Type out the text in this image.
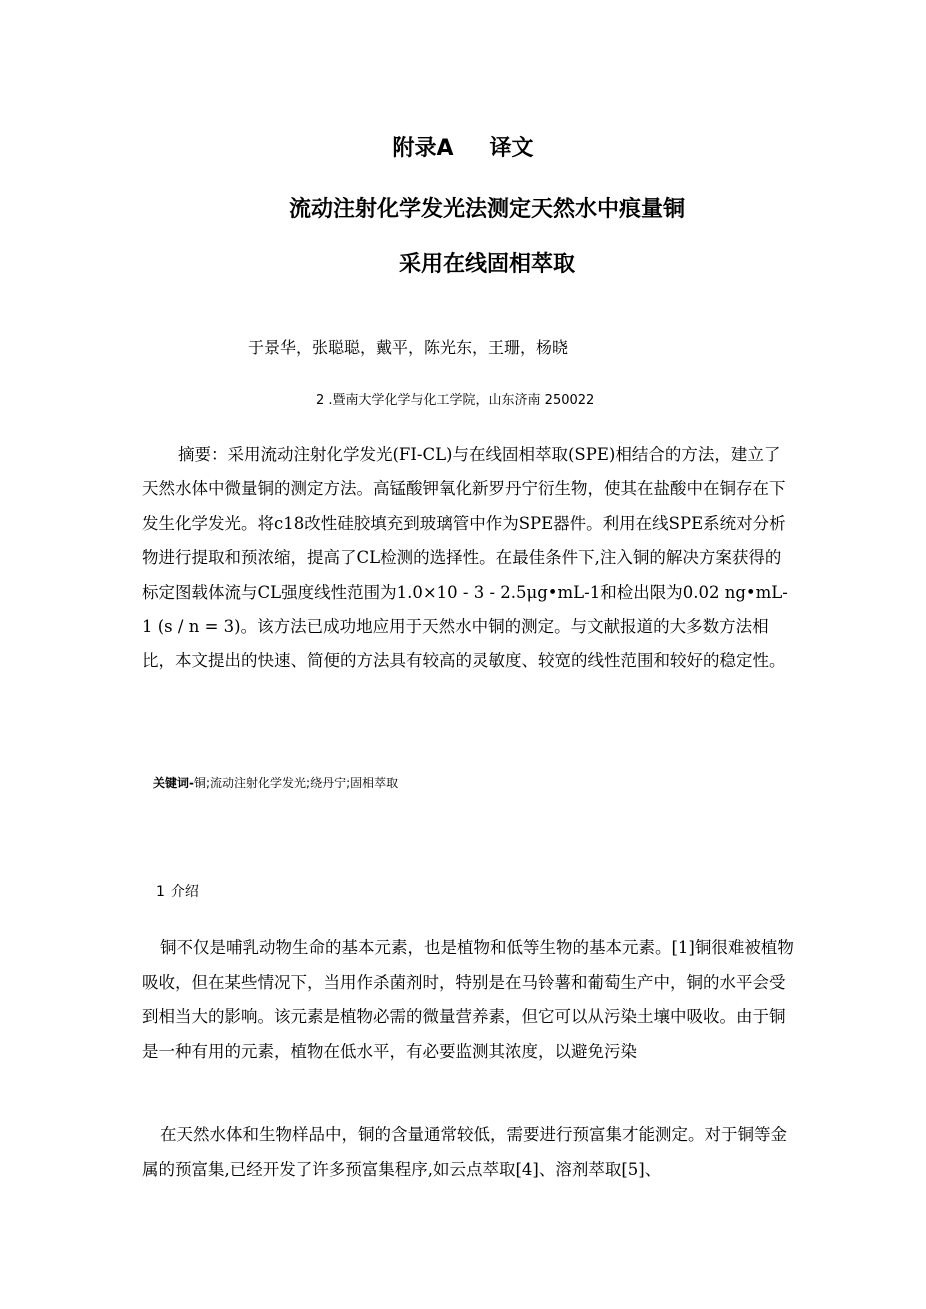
附录A 译文
流动注射化学发光法测定天然水中痕量铜
采用在线固相萃取
于景华，张聪聪，戴平，陈光东，王珊，杨晓
2 .暨南大学化学与化工学院，山东济南 250022

摘要：采用流动注射化学发光(FI-CL)与在线固相萃取(SPE)相结合的方法，建立了天然水体中微量铜的测定方法。高锰酸钾氧化新罗丹宁衍生物，使其在盐酸中在铜存在下发生化学发光。将c18改性硅胶填充到玻璃管中作为SPE器件。利用在线SPE系统对分析物进行提取和预浓缩，提高了CL检测的选择性。在最佳条件下,注入铜的解决方案获得的标定图载体流与CL强度线性范围为1.0×10 - 3 - 2.5μg•mL-1和检出限为0.02 ng•mL-1 (s / n = 3)。该方法已成功地应用于天然水中铜的测定。与文献报道的大多数方法相比，本文提出的快速、简便的方法具有较高的灵敏度、较宽的线性范围和较好的稳定性。

关键词-铜;流动注射化学发光;绕丹宁;固相萃取
1 介绍

铜不仅是哺乳动物生命的基本元素，也是植物和低等生物的基本元素。[1]铜很难被植物吸收，但在某些情况下，当用作杀菌剂时，特别是在马铃薯和葡萄生产中，铜的水平会受到相当大的影响。该元素是植物必需的微量营养素，但它可以从污染土壤中吸收。由于铜是一种有用的元素，植物在低水平，有必要监测其浓度，以避免污染

在天然水体和生物样品中，铜的含量通常较低，需要进行预富集才能测定。对于铜等金属的预富集,已经开发了许多预富集程序,如云点萃取[4]、溶剂萃取[5]、
